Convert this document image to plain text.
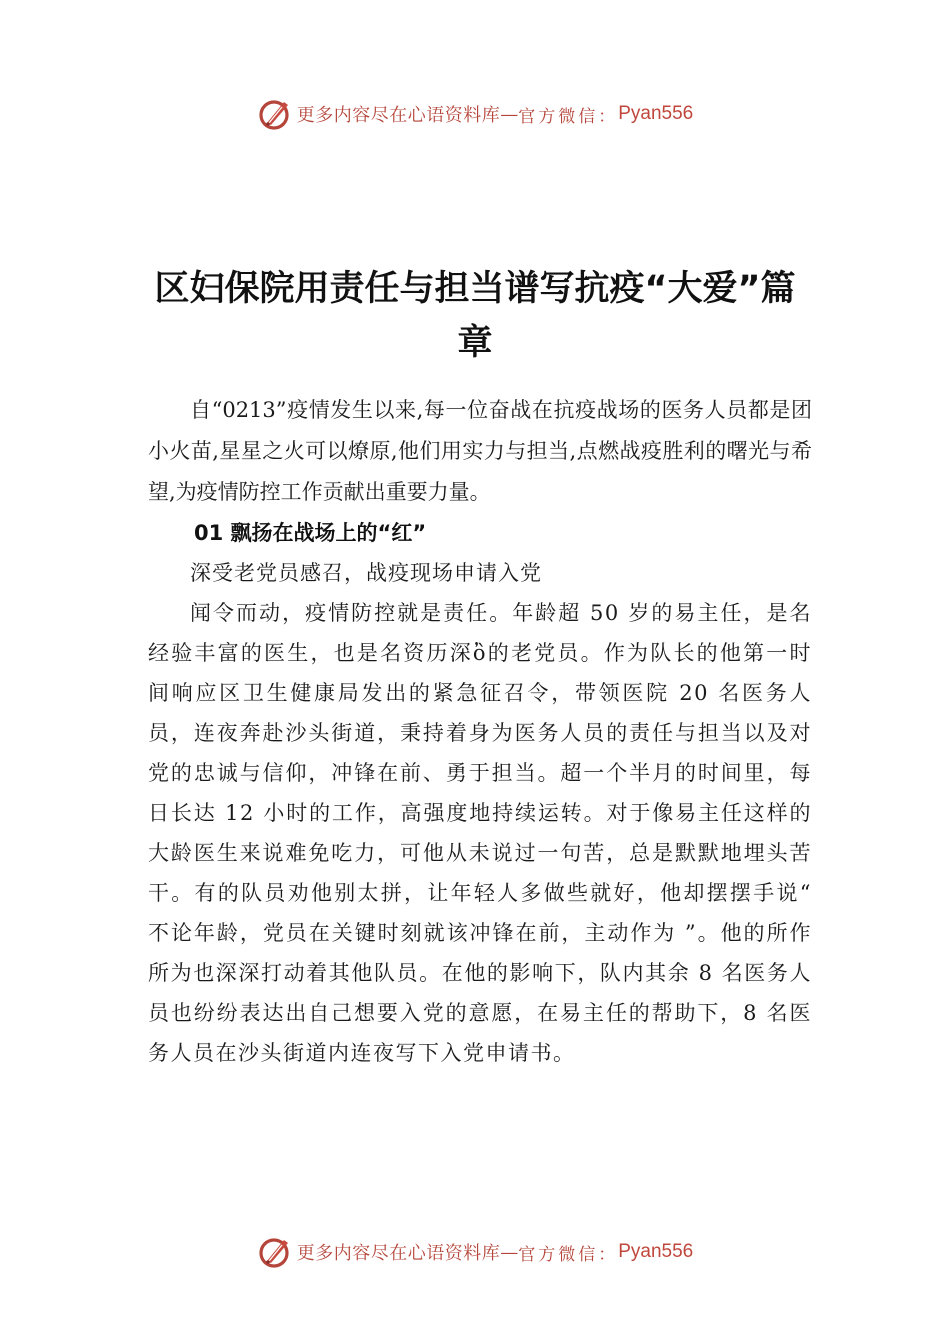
更多内容尽在心语资料库 — 官方微信： Pyan556
区妇保院用责任与担当谱写抗疫“大爱”篇章

自“0213”疫情发生以来,每一位奋战在抗疫战场的医务人员都是团小火苗,星星之火可以燎原,他们用实力与担当,点燃战疫胜利的曙光与希望,为疫情防控工作贡献出重要力量。

01 飘扬在战场上的“红”

深受老党员感召，战疫现场申请入党

闻令而动，疫情防控就是责任。年龄超 50 岁的易主任，是名经验丰富的医生，也是名资历深ὂ的老党员。作为队长的他第一时间响应区卫生健康局发出的紧急征召令，带领医院 20 名医务人员，连夜奔赴沙头街道，秉持着身为医务人员的责任与担当以及对党的忠诚与信仰，冲锋在前、勇于担当。超一个半月的时间里，每日长达 12 小时的工作，高强度地持续运转。对于像易主任这样的大龄医生来说难免吃力，可他从未说过一句苦，总是默默地埋头苦干。有的队员劝他别太拼，让年轻人多做些就好，他却摆摆手说“ 不论年龄，党员在关键时刻就该冲锋在前，主动作为 ”。他的所作所为也深深打动着其他队员。在他的影响下，队内其余 8 名医务人员也纷纷表达出自己想要入党的意愿，在易主任的帮助下，8 名医务人员在沙头街道内连夜写下入党申请书。

更多内容尽在心语资料库 — 官方微信： Pyan556
